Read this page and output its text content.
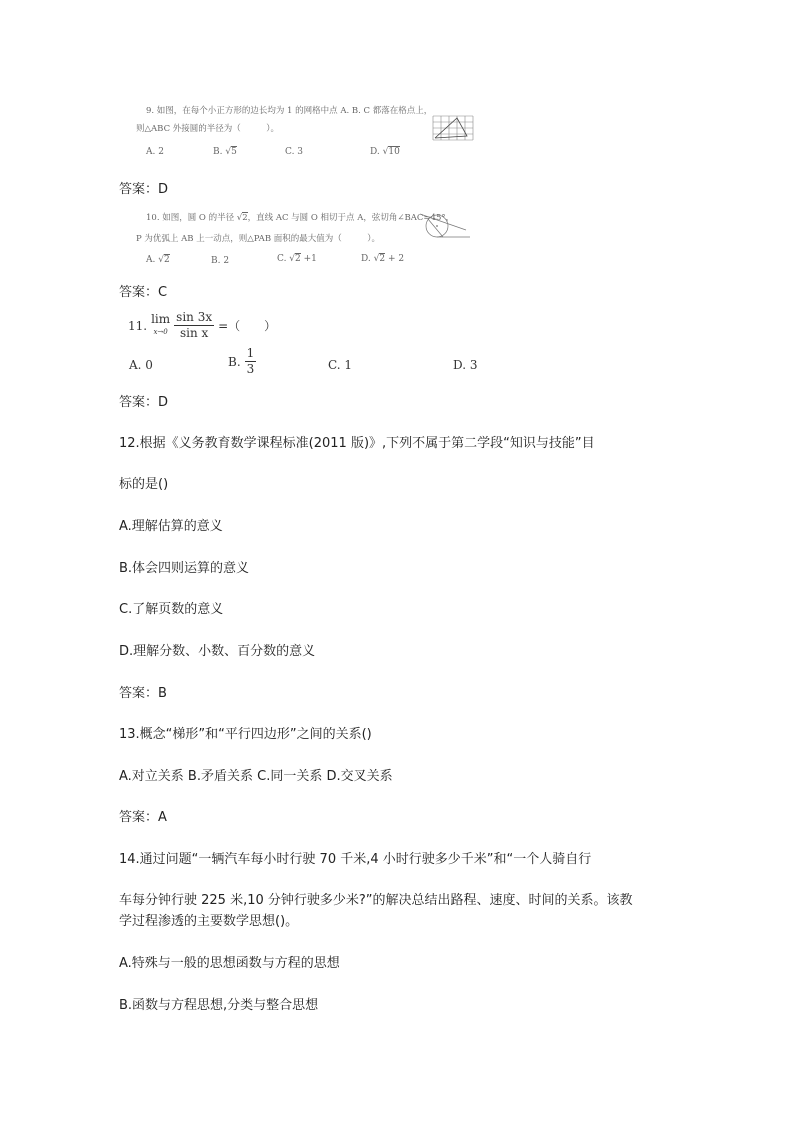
9. 如图，在每个小正方形的边长均为 1 的网格中点 A. B. C 都落在格点上，
则△ABC 外接圆的半径为（　　　）。
A. 2	B. √5	C. 3	D. √10
答案：D
10. 如图，圆 O 的半径 √2，直线 AC 与圆 O 相切于点 A，弦切角∠BAC=45°，
P 为优弧上 AB 上一动点，则△PAB 面积的最大值为（　　　）。
A. √2	B. 2	C. √2 +1	D. √2 + 2
答案：C
11. lim
$x\to 0 \frac{\sin 3x}{\text{sin x}}$ =（　　）
A. 0	B. $\frac{1}{3}$	C. 1	D. 3
答案：D
12.根据《义务教育数学课程标准(2011 版)》,下列不属于第二学段“知识与技能”目
标的是()
A.理解估算的意义
B.体会四则运算的意义
C.了解页数的意义
D.理解分数、小数、百分数的意义
答案：B
13.概念“梯形”和“平行四边形”之间的关系()
A.对立关系 B.矛盾关系 C.同一关系 D.交叉关系
答案：A
14.通过问题“一辆汽车每小时行驶 70 千米,4 小时行驶多少千米”和“一个人骑自行
车每分钟行驶 225 米,10 分钟行驶多少米?”的解决总结出路程、速度、时间的关系。该教
学过程渗透的主要数学思想()。
A.特殊与一般的思想函数与方程的思想
B.函数与方程思想,分类与整合思想
